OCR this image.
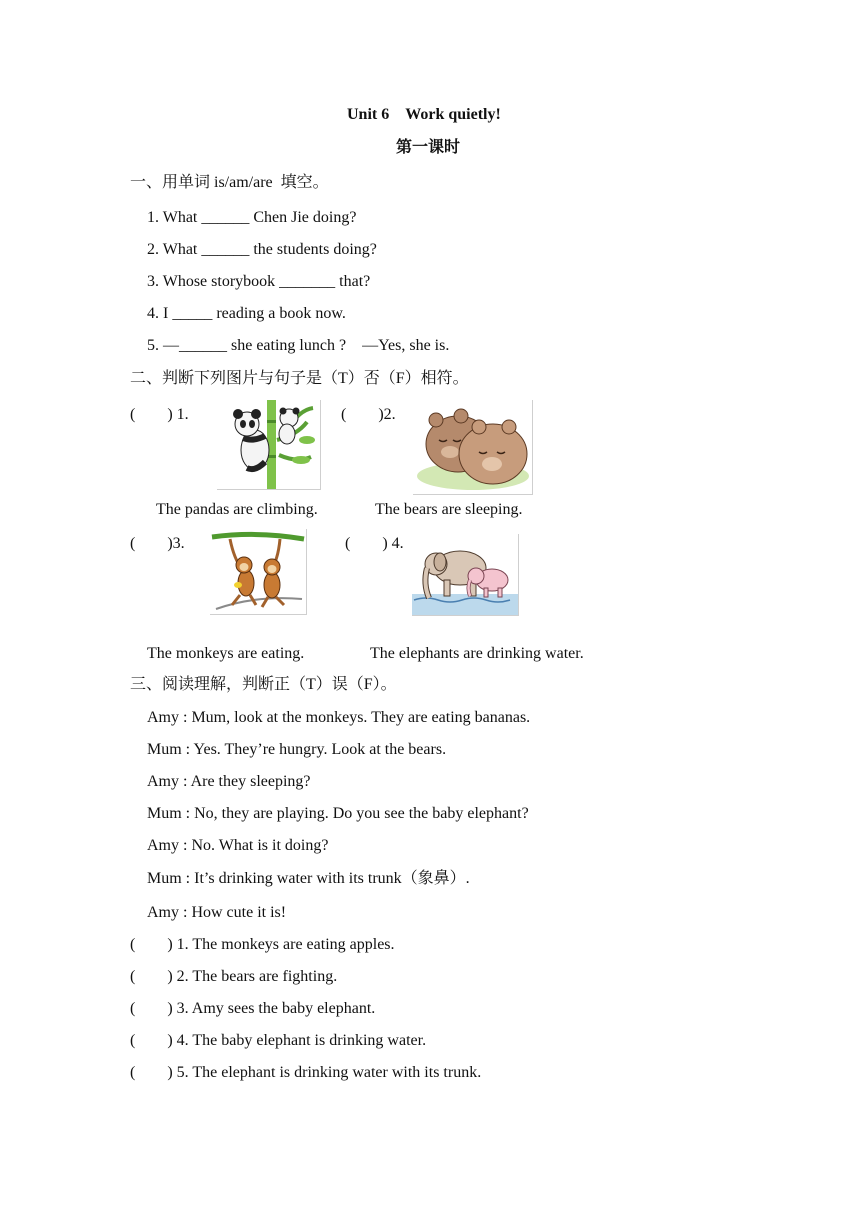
Unit 6　Work quietly!
第一课时
一、用单词 is/am/are  填空。
1. What ______ Chen Jie doing?
2. What ______ the students doing?
3. Whose storybook _______ that?
4. I _____ reading a book now.
5. —______ she eating lunch ?　—Yes, she is.
二、判断下列图片与句子是（T）否（F）相符。
(　　) 1.	(　　)2.
The pandas are climbing.	The bears are sleeping.
(　　)3.	(　　) 4.
The monkeys are eating.	The elephants are drinking water.
三、阅读理解，判断正（T）误（F）。
Amy : Mum, look at the monkeys. They are eating bananas.
Mum : Yes. They’re hungry. Look at the bears.
Amy : Are they sleeping?
Mum : No, they are playing. Do you see the baby elephant?
Amy : No. What is it doing?
Mum : It’s drinking water with its trunk（象鼻）.
Amy : How cute it is!
(　　) 1. The monkeys are eating apples.
(　　) 2. The bears are fighting.
(　　) 3. Amy sees the baby elephant.
(　　) 4. The baby elephant is drinking water.
(　　) 5. The elephant is drinking water with its trunk.
